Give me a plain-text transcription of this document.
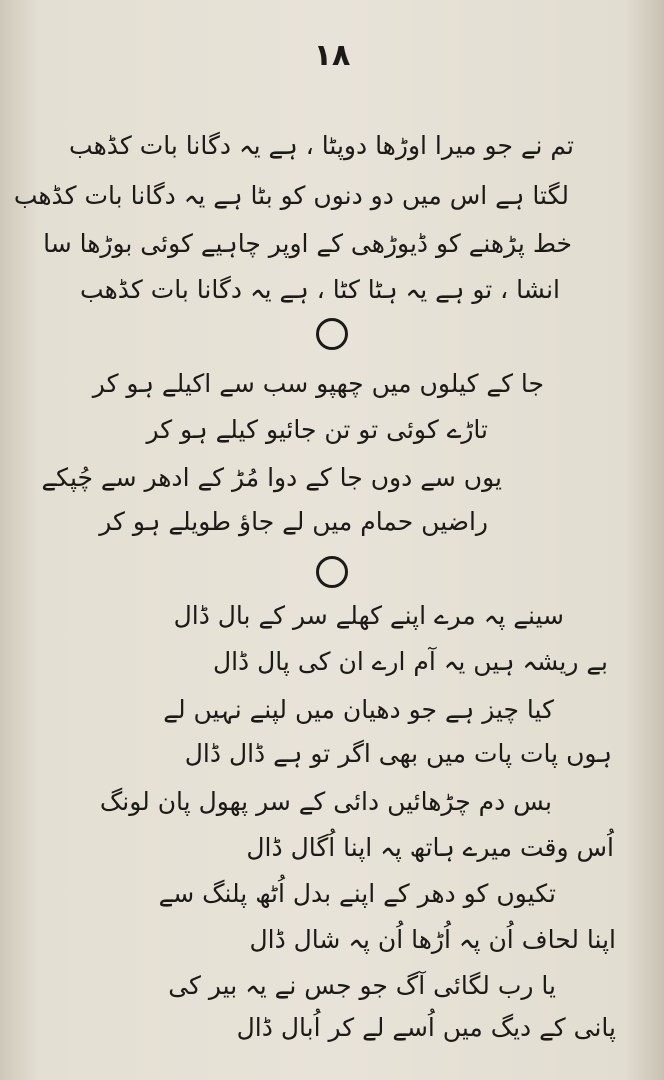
١٨
تم نے جو میرا اوڑھا دوپٹا ، ہے یہ دگانا بات کڈھب
لگتا ہے اس میں دو دنوں کو بٹا ہے یہ دگانا بات کڈھب
خط پڑھنے کو ڈیوڑھی کے اوپر چاہیے کوئی بوڑھا سا
انشا ، تو ہے یہ ہٹا کٹا ، ہے یہ دگانا بات کڈھب
جا کے کیلوں میں چھپو سب سے اکیلے ہو کر
تاڑے کوئی تو تن جائیو کیلے ہو کر
یوں سے دوں جا کے دوا مُڑ کے ادھر سے چُپکے
راضیں حمام میں لے جاؤ طویلے ہو کر
سینے پہ مرے اپنے کھلے سر کے بال ڈال
بے ریشہ ہیں یہ آم ارے ان کی پال ڈال
کیا چیز ہے جو دھیان میں لپنے نہیں لے
ہوں پات پات میں بھی اگر تو ہے ڈال ڈال
بس دم چڑھائیں دائی کے سر پھول پان لونگ
اُس وقت میرے ہاتھ پہ اپنا اُگال ڈال
تکیوں کو دھر کے اپنے بدل اُٹھ پلنگ سے
اپنا لحاف اُن پہ اُڑھا اُن پہ شال ڈال
یا رب لگائی آگ جو جس نے یہ بیر کی
پانی کے دیگ میں اُسے لے کر اُبال ڈال
